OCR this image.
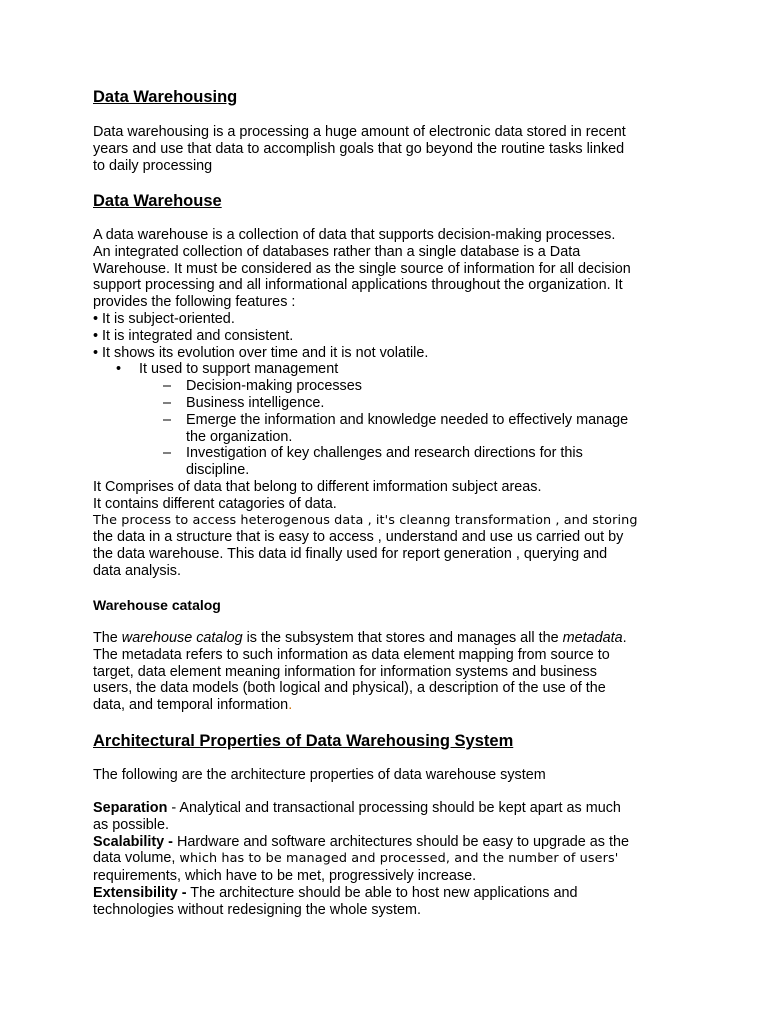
Data Warehousing
Data warehousing is a processing a huge amount of electronic data stored in recent
years and use that data to accomplish goals that go beyond the routine tasks linked
to daily processing
Data Warehouse
A data warehouse is a collection of data that supports decision-making processes.
An integrated collection of databases rather than a single database is a Data
Warehouse. It must be considered as the single source of information for all decision
support processing and all informational applications throughout the organization. It
provides the following features :
• It is subject-oriented.
• It is integrated and consistent.
• It shows its evolution over time and it is not volatile.
• It used to support management
– Decision-making processes
– Business intelligence.
– Emerge the information and knowledge needed to effectively manage
the organization.
– Investigation of key challenges and research directions for this
discipline.
It Comprises of data that belong to different imformation subject areas.
It contains different catagories of data.
The process to access heterogenous data , it's cleanng transformation , and storing
the data in a structure that is easy to access , understand and use us carried out by
the data warehouse. This data id finally used for report generation , querying and
data analysis.
Warehouse catalog
The warehouse catalog is the subsystem that stores and manages all the metadata.
The metadata refers to such information as data element mapping from source to
target, data element meaning information for information systems and business
users, the data models (both logical and physical), a description of the use of the
data, and temporal information.
Architectural Properties of Data Warehousing System
The following are the architecture properties of data warehouse system
Separation - Analytical and transactional processing should be kept apart as much
as possible.
Scalability - Hardware and software architectures should be easy to upgrade as the
data volume, which has to be managed and processed, and the number of users'
requirements, which have to be met, progressively increase.
Extensibility - The architecture should be able to host new applications and
technologies without redesigning the whole system.
